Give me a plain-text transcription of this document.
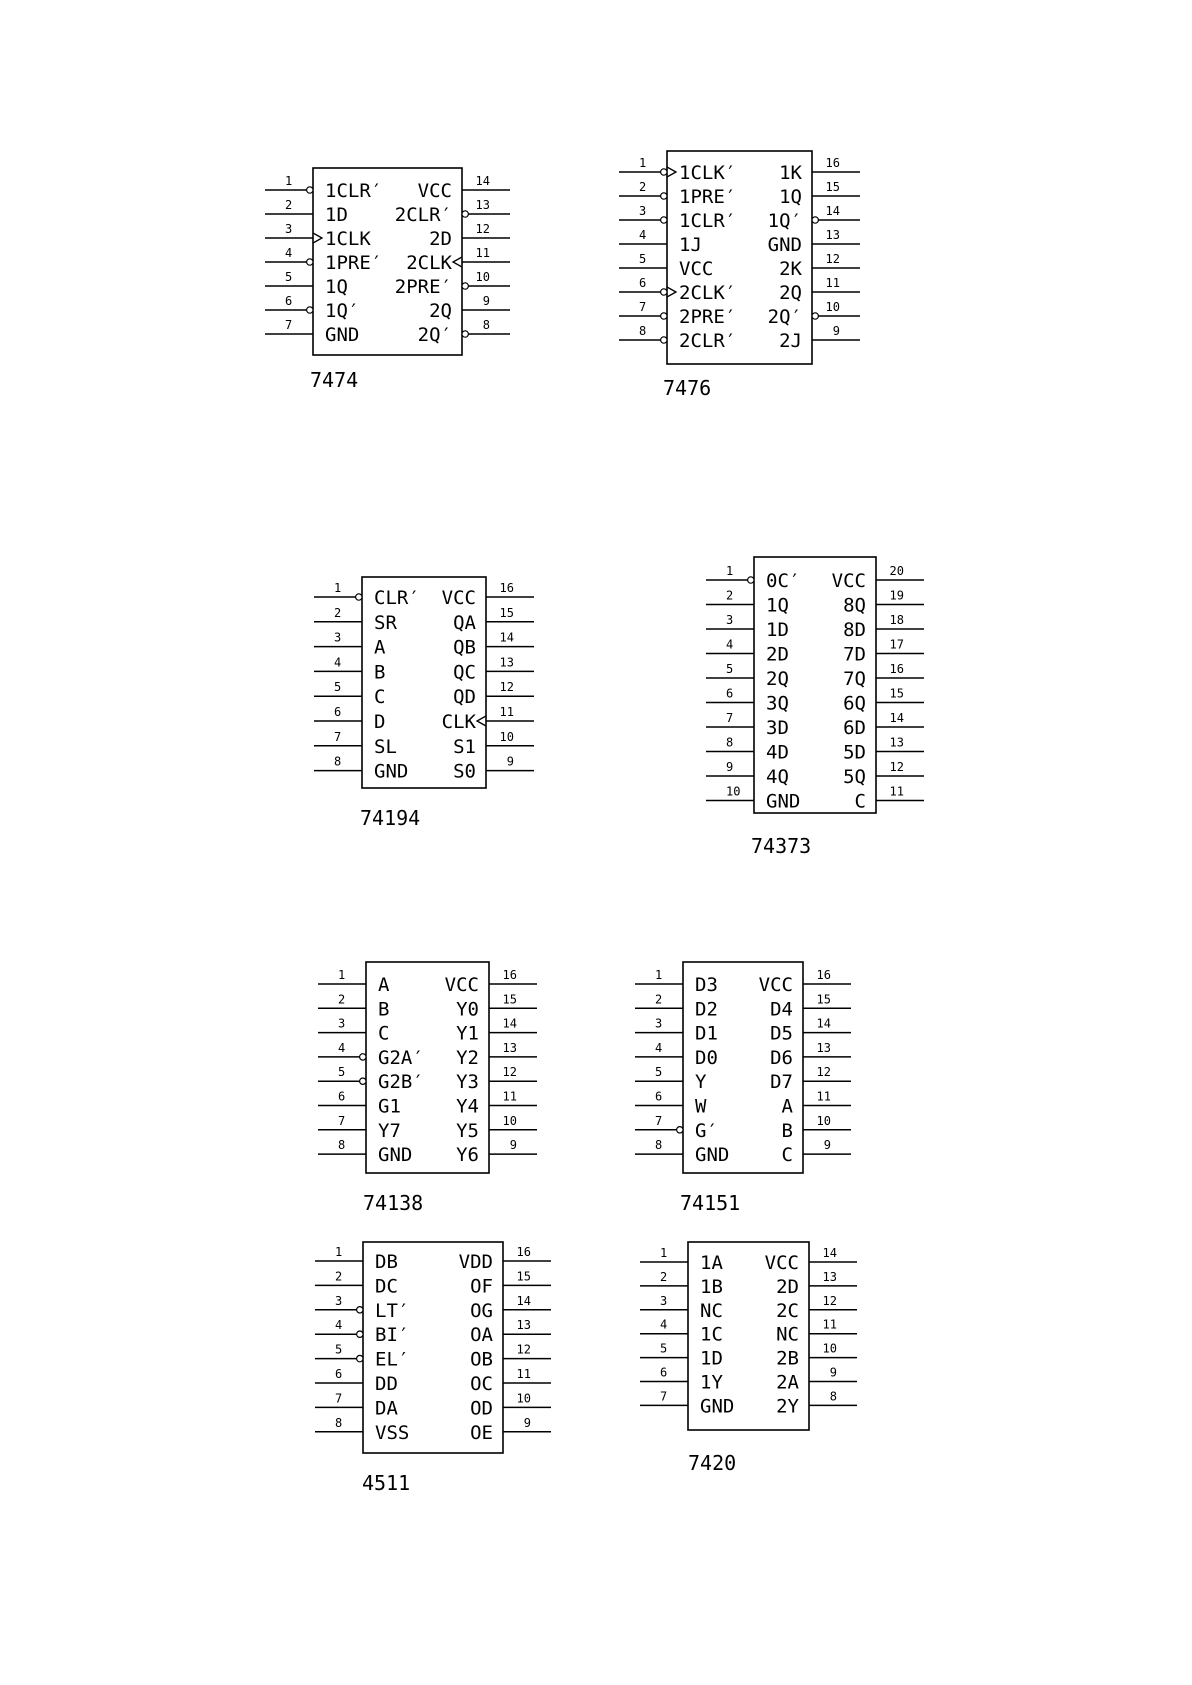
7474
1 1CLR′
2 1D
3 1CLK
4 1PRE′
5 1Q
6 1Q′
7 GND
14
VCC
13
2CLR′
12
2D
11
2CLK
10
2PRE′
9
2Q
8
2Q′
7476
1 1CLK′
2 1PRE′
3 1CLR′
4 1J
5 VCC
6 2CLK′
7 2PRE′
8 2CLR′
16
1K
15
1Q
14
1Q′
13
GND
12
2K
11
2Q
10
2Q′
9
2J
74194
1 CLR′
2 SR
3 A
4 B
5 C
6 D
7 SL
8 GND
16
VCC
15
QA
14
QB
13
QC
12
QD
11
CLK
10
S1
9
S0
74373
1 0C′
2 1Q
3 1D
4 2D
5 2Q
6 3Q
7 3D
8 4D
9 4Q
10 GND
20
VCC
19
8Q
18
8D
17
7D
16
7Q
15
6Q
14
6D
13
5D
12
5Q
11
C
74138
1 A
2 B
3 C
4 G2A′
5 G2B′
6 G1
7 Y7
8 GND
16
VCC
15
Y0
14
Y1
13
Y2
12
Y3
11
Y4
10
Y5
9
Y6
74151
1 D3
2 D2
3 D1
4 D0
5 Y
6 W
7 G′
8 GND
16
VCC
15
D4
14
D5
13
D6
12
D7
11
A
10
B
9
C
4511
1 DB
2 DC
3 LT′
4 BI′
5 EL′
6 DD
7 DA
8 VSS
16
VDD
15
OF
14
OG
13
OA
12
OB
11
OC
10
OD
9
OE
7420
1 1A
2 1B
3 NC
4 1C
5 1D
6 1Y
7 GND
14
VCC
13
2D
12
2C
11
NC
10
2B
9
2A
8
2Y
